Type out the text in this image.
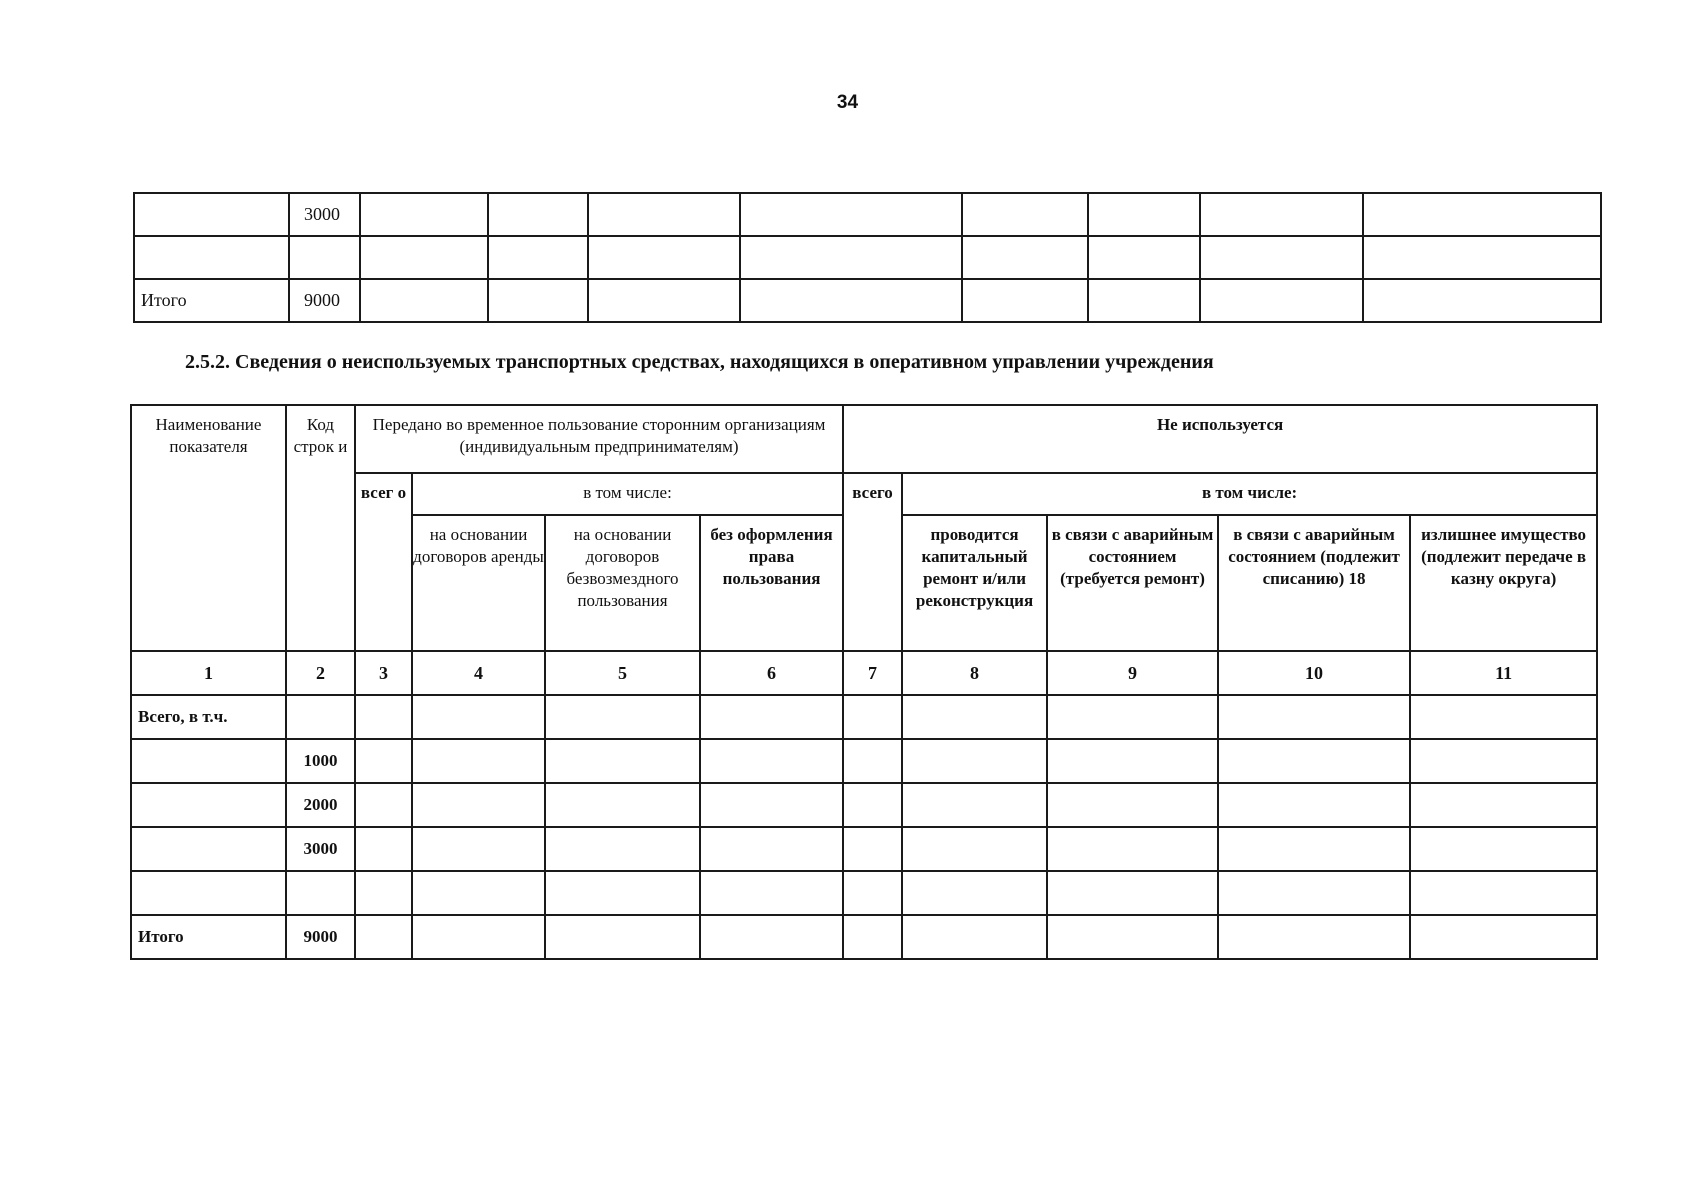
34
	3000								

Итого	9000								
2.5.2. Сведения о неиспользуемых транспортных средствах, находящихся в оперативном управлении учреждения
Наименование показателя	Код строк и	Передано во временное пользование сторонним организациям (индивидуальным предпринимателям)				Не используется				
		всег о	в том числе:			всего	в том числе:			
			на основании договоров аренды	на основании договоров безвозмездного пользования	без оформления права пользования		проводится капитальный ремонт и/или реконструкция	в связи с аварийным состоянием (требуется ремонт)	в связи с аварийным состоянием (подлежит списанию) 18	излишнее имущество (подлежит передаче в казну округа)
1	2	3	4	5	6	7	8	9	10	11
Всего, в т.ч.										
	1000									
	2000									
	3000									

Итого	9000									
